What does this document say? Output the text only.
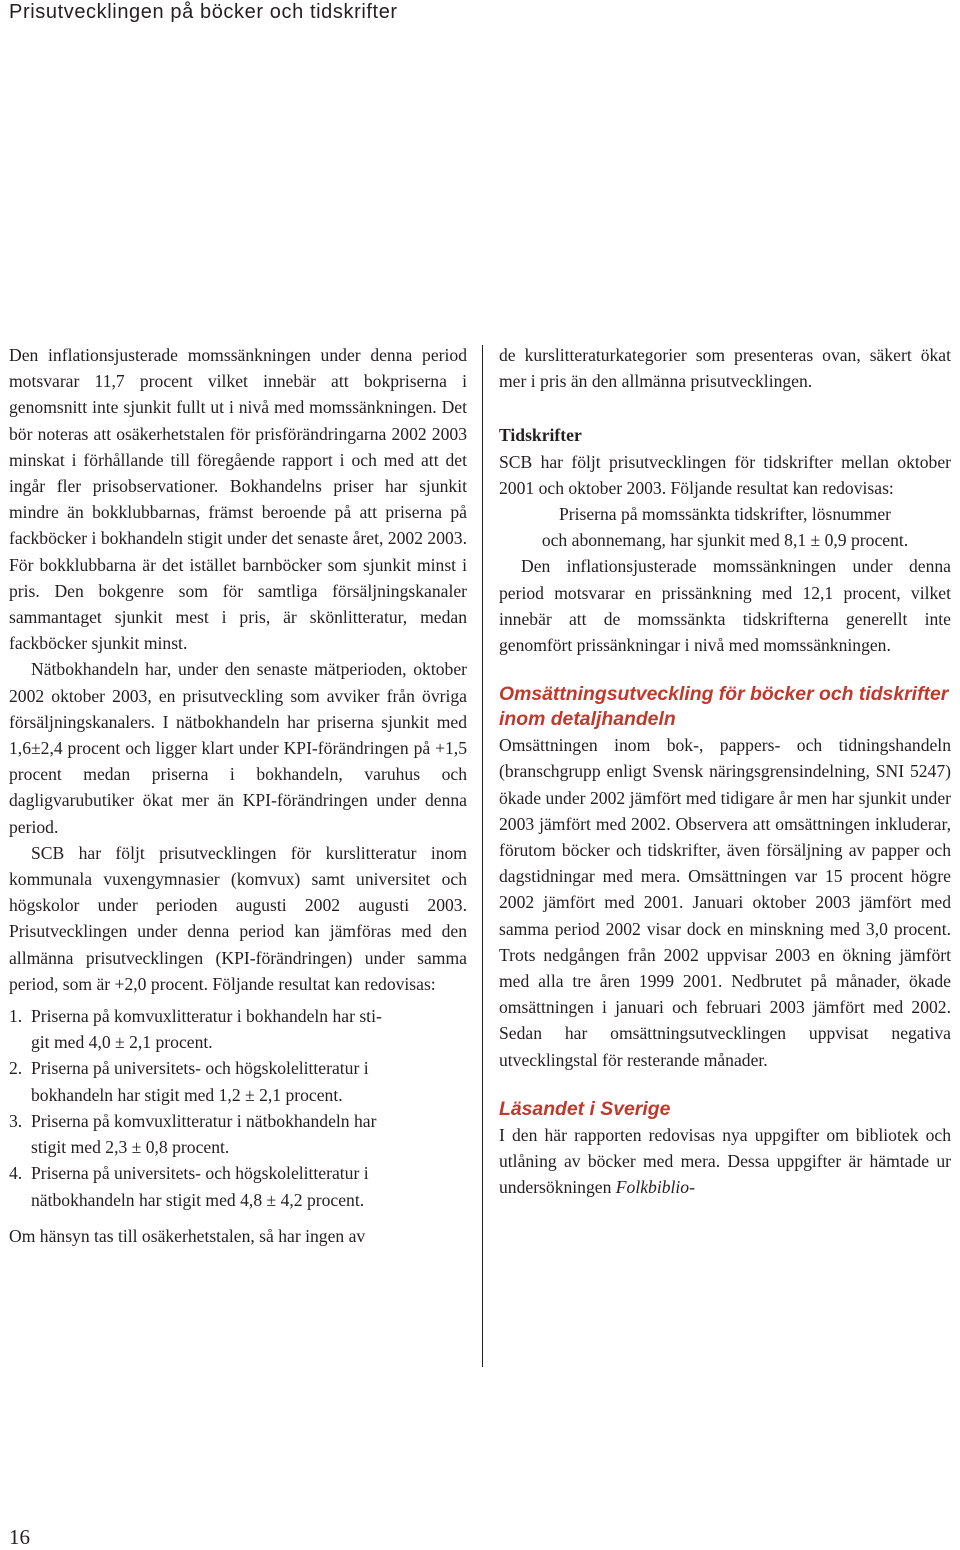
Prisutvecklingen på böcker och tidskrifter

Den inflationsjusterade momssänkningen under denna period motsvarar 11,7 procent vilket innebär att bokpriserna i genomsnitt inte sjunkit fullt ut i nivå med momssänkningen. Det bör noteras att osäkerhetstalen för prisförändringarna 2002 2003 minskat i förhållande till föregående rapport i och med att det ingår fler prisobservationer. Bokhandelns priser har sjunkit mindre än bokklubbarnas, främst beroende på att priserna på fackböcker i bokhandeln stigit under det senaste året, 2002 2003. För bokklubbarna är det istället barnböcker som sjunkit minst i pris. Den bokgenre som för samtliga försäljningskanaler sammantaget sjunkit mest i pris, är skönlitteratur, medan fackböcker sjunkit minst.

Nätbokhandeln har, under den senaste mätperioden, oktober 2002 oktober 2003, en prisutveckling som avviker från övriga försäljningskanalers. I nätbokhandeln har priserna sjunkit med 1,6±2,4 procent och ligger klart under KPI-förändringen på +1,5 procent medan priserna i bokhandeln, varuhus och dagligvarubutiker ökat mer än KPI-förändringen under denna period.

SCB har följt prisutvecklingen för kurslitteratur inom kommunala vuxengymnasier (komvux) samt universitet och högskolor under perioden augusti 2002 augusti 2003. Prisutvecklingen under denna period kan jämföras med den allmänna prisutvecklingen (KPI-förändringen) under samma period, som är +2,0 procent. Följande resultat kan redovisas:

1. Priserna på komvuxlitteratur i bokhandeln har sti-
git med 4,0 ± 2,1 procent.
2. Priserna på universitets- och högskolelitteratur i
bokhandeln har stigit med 1,2 ± 2,1 procent.
3. Priserna på komvuxlitteratur i nätbokhandeln har
stigit med 2,3 ± 0,8 procent.
4. Priserna på universitets- och högskolelitteratur i
nätbokhandeln har stigit med 4,8 ± 4,2 procent.

Om hänsyn tas till osäkerhetstalen, så har ingen av

de kurslitteraturkategorier som presenteras ovan, säkert ökat mer i pris än den allmänna prisutvecklingen.

Tidskrifter

SCB har följt prisutvecklingen för tidskrifter mellan oktober 2001 och oktober 2003. Följande resultat kan redovisas:

Priserna på momssänkta tidskrifter, lösnummer
och abonnemang, har sjunkit med 8,1 ± 0,9 procent.

Den inflationsjusterade momssänkningen under denna period motsvarar en prissänkning med 12,1 procent, vilket innebär att de momssänkta tidskrifterna generellt inte genomfört prissänkningar i nivå med momssänkningen.

Omsättningsutveckling för böcker och tidskrifter inom detaljhandeln

Omsättningen inom bok-, pappers- och tidningshandeln (branschgrupp enligt Svensk näringsgrensindelning, SNI 5247) ökade under 2002 jämfört med tidigare år men har sjunkit under 2003 jämfört med 2002. Observera att omsättningen inkluderar, förutom böcker och tidskrifter, även försäljning av papper och dagstidningar med mera. Omsättningen var 15 procent högre 2002 jämfört med 2001. Januari oktober 2003 jämfört med samma period 2002 visar dock en minskning med 3,0 procent. Trots nedgången från 2002 uppvisar 2003 en ökning jämfört med alla tre åren 1999 2001. Nedbrutet på månader, ökade omsättningen i januari och februari 2003 jämfört med 2002. Sedan har omsättningsutvecklingen uppvisat negativa utvecklingstal för resterande månader.

Läsandet i Sverige

I den här rapporten redovisas nya uppgifter om bibliotek och utlåning av böcker med mera. Dessa uppgifter är hämtade ur undersökningen Folkbiblio-

16
